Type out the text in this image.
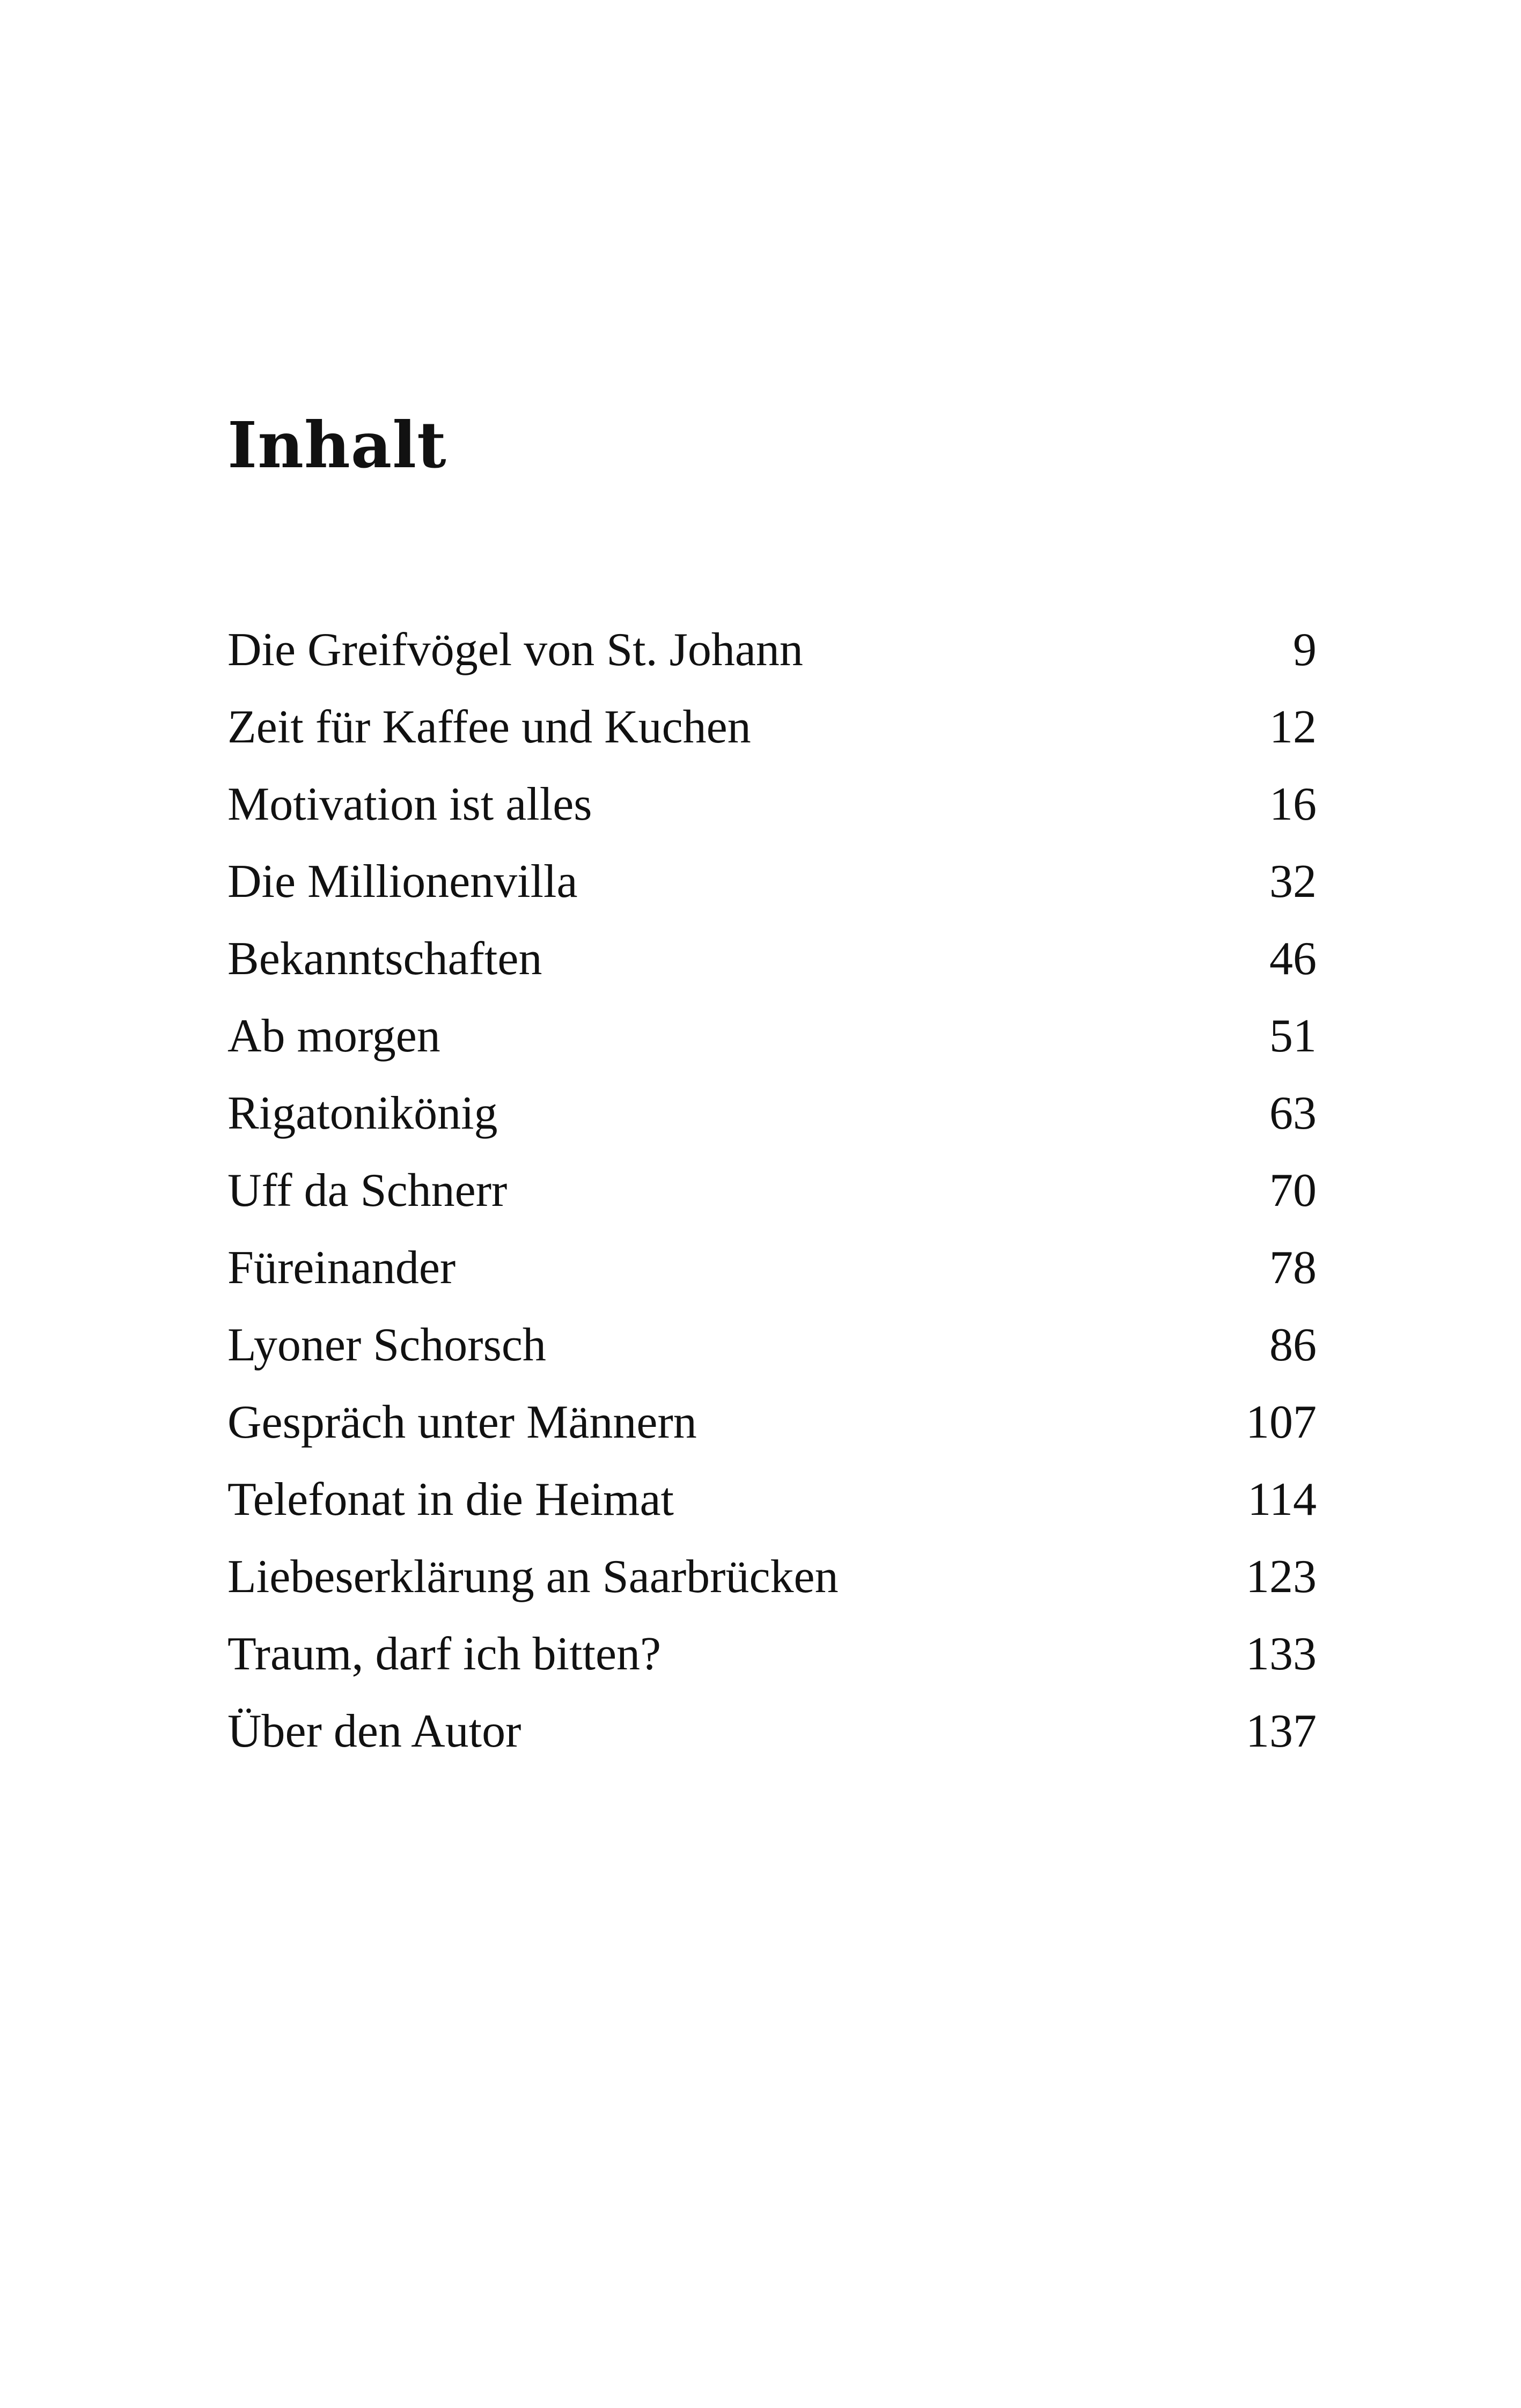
Inhalt
Die Greifvögel von St. Johann	9
Zeit für Kaffee und Kuchen	12
Motivation ist alles	16
Die Millionenvilla	32
Bekanntschaften	46
Ab morgen	51
Rigatonikönig	63
Uff da Schnerr	70
Füreinander	78
Lyoner Schorsch	86
Gespräch unter Männern	107
Telefonat in die Heimat	114
Liebeserklärung an Saarbrücken	123
Traum, darf ich bitten?	133
Über den Autor	137
